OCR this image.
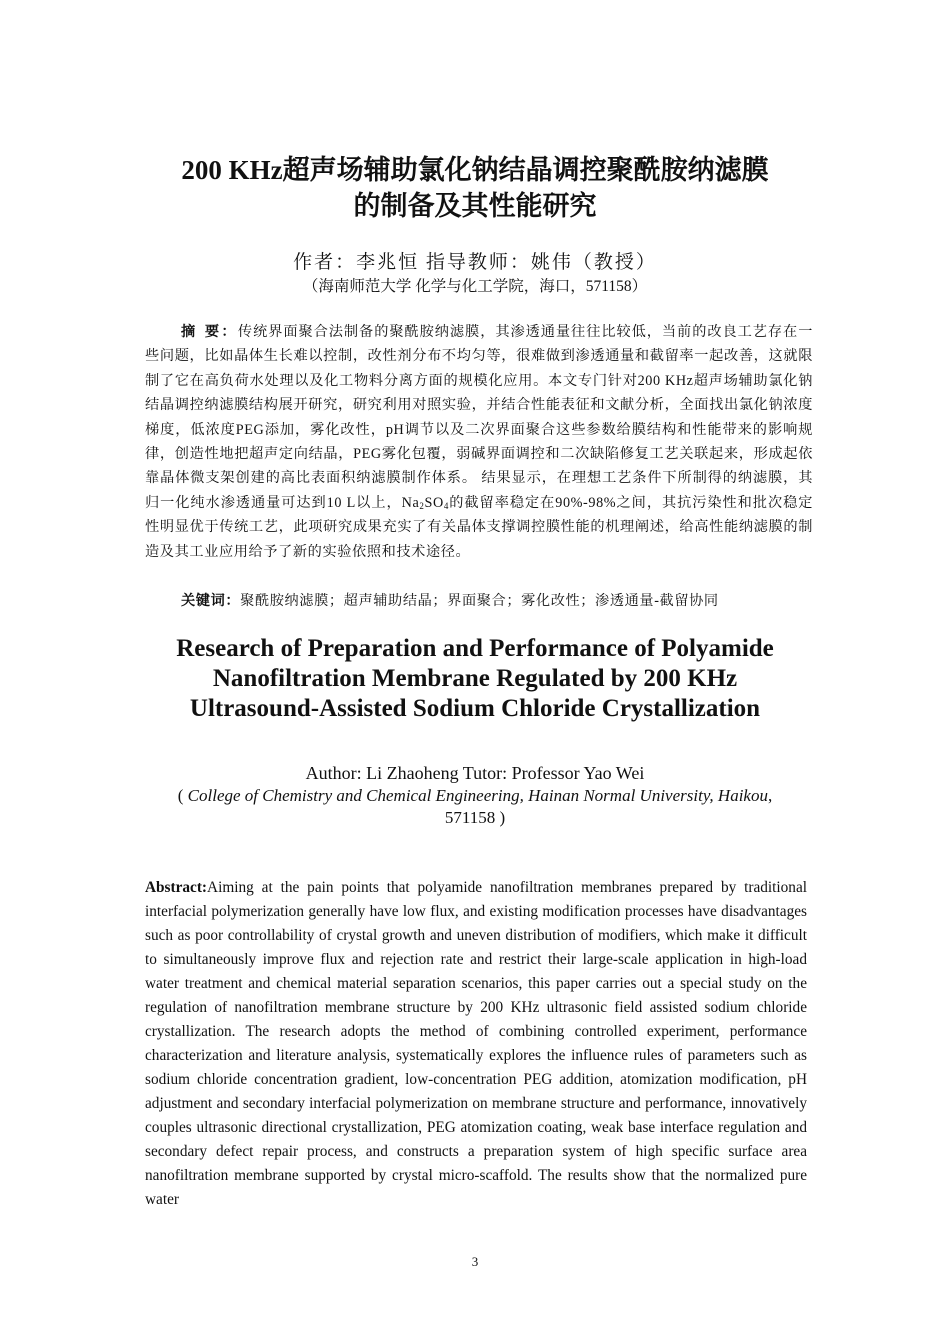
200 KHz超声场辅助氯化钠结晶调控聚酰胺纳滤膜
的制备及其性能研究
作者：李兆恒 指导教师：姚伟（教授）
（海南师范大学 化学与化工学院，海口，571158）
摘 要：传统界面聚合法制备的聚酰胺纳滤膜，其渗透通量往往比较低，当前的改良工艺存在一些问题，比如晶体生长难以控制，改性剂分布不均匀等，很难做到渗透通量和截留率一起改善，这就限制了它在高负荷水处理以及化工物料分离方面的规模化应用。本文专门针对200 KHz超声场辅助氯化钠结晶调控纳滤膜结构展开研究，研究利用对照实验，并结合性能表征和文献分析，全面找出氯化钠浓度梯度，低浓度PEG添加，雾化改性，pH调节以及二次界面聚合这些参数给膜结构和性能带来的影响规律，创造性地把超声定向结晶，PEG雾化包覆，弱碱界面调控和二次缺陷修复工艺关联起来，形成起依靠晶体微支架创建的高比表面积纳滤膜制作体系。 结果显示，在理想工艺条件下所制得的纳滤膜，其归一化纯水渗透通量可达到10 L以上，$Na_2SO_4$的截留率稳定在90%-98%之间，其抗污染性和批次稳定性明显优于传统工艺，此项研究成果充实了有关晶体支撑调控膜性能的机理阐述，给高性能纳滤膜的制造及其工业应用给予了新的实验依照和技术途径。
关键词：聚酰胺纳滤膜；超声辅助结晶；界面聚合；雾化改性；渗透通量-截留协同
Research of Preparation and Performance of Polyamide
Nanofiltration Membrane Regulated by 200 KHz
Ultrasound-Assisted Sodium Chloride Crystallization
Author: Li Zhaoheng Tutor: Professor Yao Wei
( College of Chemistry and Chemical Engineering, Hainan Normal University, Haikou, 571158 )
Abstract:Aiming at the pain points that polyamide nanofiltration membranes prepared by traditional interfacial polymerization generally have low flux, and existing modification processes have disadvantages such as poor controllability of crystal growth and uneven distribution of modifiers, which make it difficult to simultaneously improve flux and rejection rate and restrict their large-scale application in high-load water treatment and chemical material separation scenarios, this paper carries out a special study on the regulation of nanofiltration membrane structure by 200 KHz ultrasonic field assisted sodium chloride crystallization. The research adopts the method of combining controlled experiment, performance characterization and literature analysis, systematically explores the influence rules of parameters such as sodium chloride concentration gradient, low-concentration PEG addition, atomization modification, pH adjustment and secondary interfacial polymerization on membrane structure and performance, innovatively couples ultrasonic directional crystallization, PEG atomization coating, weak base interface regulation and secondary defect repair process, and constructs a preparation system of high specific surface area nanofiltration membrane supported by crystal micro-scaffold. The results show that the normalized pure water
3
